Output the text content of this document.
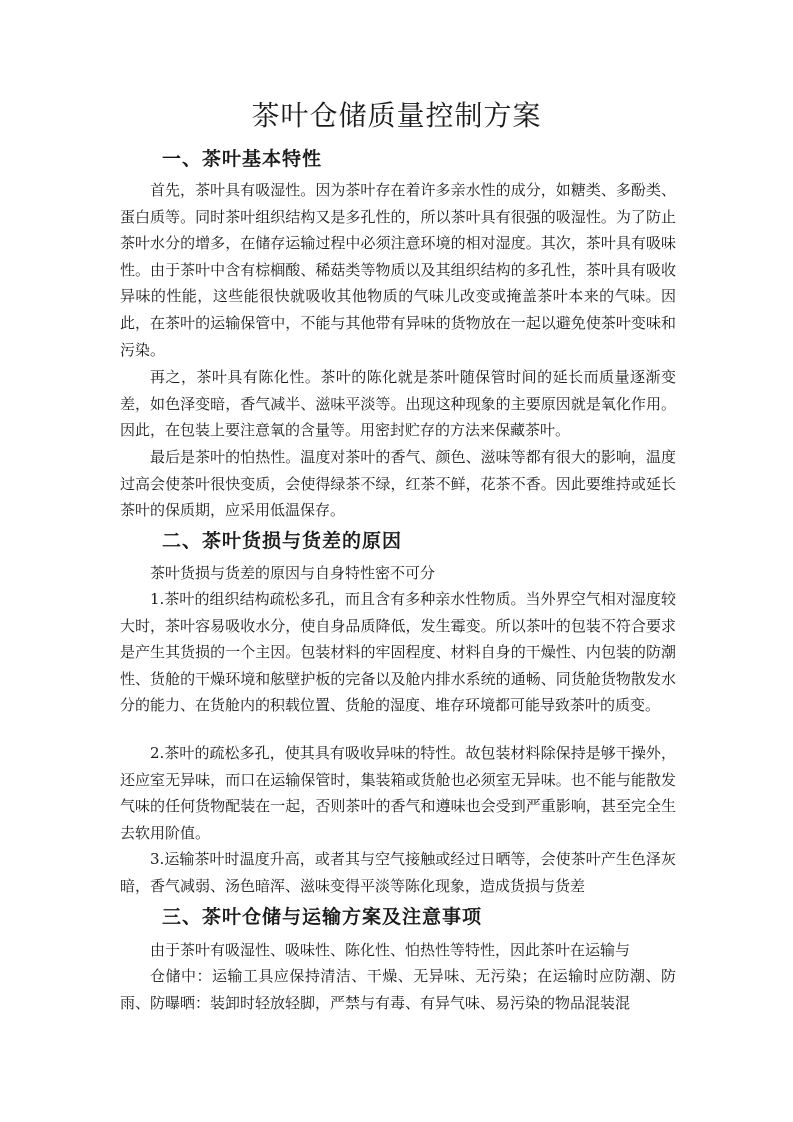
茶叶仓储质量控制方案
一、茶叶基本特性

首先，茶叶具有吸湿性。因为茶叶存在着许多亲水性的成分，如糖类、多酚类、蛋白质等。同时茶叶组织结构又是多孔性的，所以茶叶具有很强的吸湿性。为了防止茶叶水分的增多，在储存运输过程中必须注意环境的相对湿度。其次，茶叶具有吸味性。由于茶叶中含有棕榈酸、稀菇类等物质以及其组织结构的多孔性，茶叶具有吸收异味的性能，这些能很快就吸收其他物质的气味儿改变或掩盖茶叶本来的气味。因此，在茶叶的运输保管中，不能与其他带有异味的货物放在一起以避免使茶叶变味和污染。

再之，茶叶具有陈化性。茶叶的陈化就是茶叶随保管时间的延长而质量逐渐变差，如色泽变暗，香气减半、滋味平淡等。出现这种现象的主要原因就是氧化作用。因此，在包装上要注意氧的含量等。用密封贮存的方法来保藏茶叶。

最后是茶叶的怕热性。温度对茶叶的香气、颜色、滋味等都有很大的影响，温度过高会使茶叶很快变质，会使得绿茶不绿，红茶不鲜，花茶不香。因此要维持或延长茶叶的保质期，应采用低温保存。

二、茶叶货损与货差的原因

茶叶货损与货差的原因与自身特性密不可分

1.茶叶的组织结构疏松多孔，而且含有多种亲水性物质。当外界空气相对湿度较大时，茶叶容易吸收水分，使自身品质降低，发生霉变。所以茶叶的包装不符合要求是产生其货损的一个主因。包装材料的牢固程度、材料自身的干燥性、内包装的防潮性、货舱的干燥环境和舷壁护板的完备以及舱内排水系统的通畅、同货舱货物散发水分的能力、在货舱内的积载位置、货舱的湿度、堆存环境都可能导致茶叶的质变。

2.茶叶的疏松多孔，使其具有吸收异味的特性。故包装材料除保持是够干操外，还应室无异味，而口在运输保管时，集装箱或货舱也必须室无异味。也不能与能散发气味的任何货物配装在一起，否则茶叶的香气和遵味也会受到严重影响，甚至完全生去软用阶值。

3.运输茶叶时温度升高，或者其与空气接触或经过日晒等，会使茶叶产生色泽灰暗，香气减弱、汤色暗浑、滋味变得平淡等陈化现象，造成货损与货差

三、茶叶仓储与运输方案及注意事项

由于茶叶有吸湿性、吸味性、陈化性、怕热性等特性，因此茶叶在运输与

仓储中：运输工具应保持清洁、干燥、无异味、无污染；在运输时应防潮、防雨、防曝晒：装卸时轻放轻脚，严禁与有毒、有异气味、易污染的物品混装混
